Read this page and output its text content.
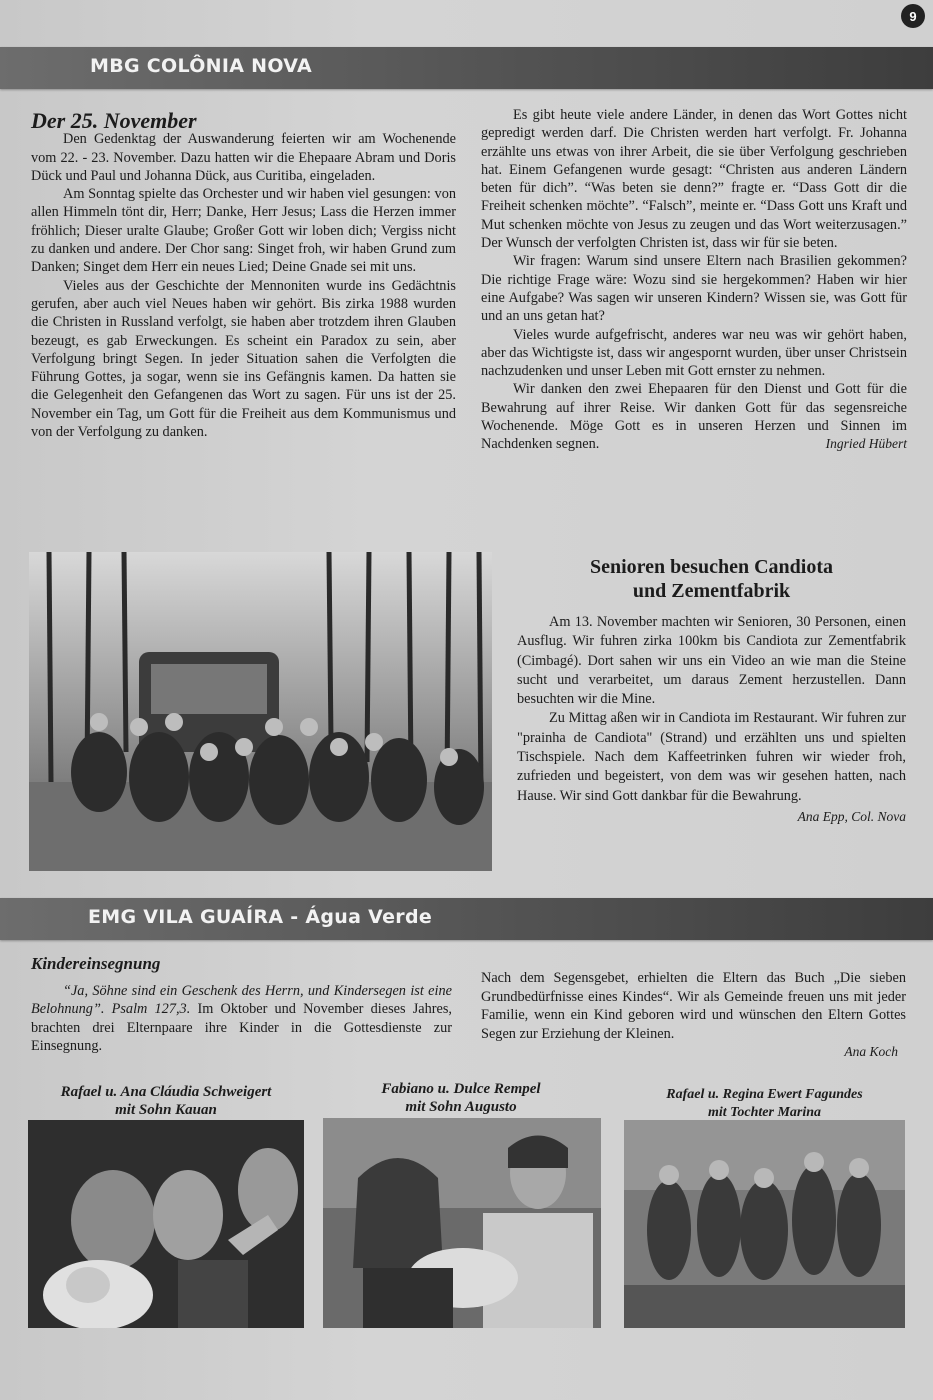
9
MBG COLÔNIA NOVA

Der 25. November

Den Gedenktag der Auswanderung feierten wir am Wochenende vom 22. - 23. November. Dazu hatten wir die Ehepaare Abram und Doris Dück und Paul und Johanna Dück, aus Curitiba, eingeladen.

Am Sonntag spielte das Orchester und wir haben viel gesungen: von allen Himmeln tönt dir, Herr; Danke, Herr Jesus; Lass die Herzen immer fröhlich; Dieser uralte Glaube; Großer Gott wir loben dich; Vergiss nicht zu danken und andere. Der Chor sang: Singet froh, wir haben Grund zum Danken; Singet dem Herr ein neues Lied; Deine Gnade sei mit uns.

Vieles aus der Geschichte der Mennoniten wurde ins Gedächtnis gerufen, aber auch viel Neues haben wir gehört. Bis zirka 1988 wurden die Christen in Russland verfolgt, sie haben aber trotzdem ihren Glauben bezeugt, es gab Erweckungen. Es scheint ein Paradox zu sein, aber Verfolgung bringt Segen. In jeder Situation sahen die Verfolgten die Führung Gottes, ja sogar, wenn sie ins Gefängnis kamen. Da hatten sie die Gelegenheit den Gefangenen das Wort zu sagen. Für uns ist der 25. November ein Tag, um Gott für die Freiheit aus dem Kommunismus und von der Verfolgung zu danken.

Es gibt heute viele andere Länder, in denen das Wort Gottes nicht gepredigt werden darf. Die Christen werden hart verfolgt. Fr. Johanna erzählte uns etwas von ihrer Arbeit, die sie über Verfolgung geschrieben hat. Einem Gefangenen wurde gesagt: “Christen aus anderen Ländern beten für dich”. “Was beten sie denn?” fragte er. “Dass Gott dir die Freiheit schenken möchte”. “Falsch”, meinte er. “Dass Gott uns Kraft und Mut schenken möchte von Jesus zu zeugen und das Wort weiterzusagen.” Der Wunsch der verfolgten Christen ist, dass wir für sie beten.

Wir fragen: Warum sind unsere Eltern nach Brasilien gekommen? Die richtige Frage wäre: Wozu sind sie hergekommen? Haben wir hier eine Aufgabe? Was sagen wir unseren Kindern? Wissen sie, was Gott für und an uns getan hat?

Vieles wurde aufgefrischt, anderes war neu was wir gehört haben, aber das Wichtigste ist, dass wir angespornt wurden, über unser Christsein nachzudenken und unser Leben mit Gott ernster zu nehmen.

Wir danken den zwei Ehepaaren für den Dienst und Gott für die Bewahrung auf ihrer Reise. Wir danken Gott für das segensreiche Wochenende. Möge Gott es in unseren Herzen und Sinnen im Nachdenken segnen.	Ingried Hübert

Senioren besuchen Candiota
und Zementfabrik

Am 13. November machten wir Senioren, 30 Personen, einen Ausflug. Wir fuhren zirka 100km bis Candiota zur Zementfabrik (Cimbagé). Dort sahen wir uns ein Video an wie man die Steine sucht und verarbeitet, um daraus Zement herzustellen. Dann besuchten wir die Mine.

Zu Mittag aßen wir in Candiota im Restaurant. Wir fuhren zur "prainha de Candiota" (Strand) und erzählten uns und spielten Tischspiele. Nach dem Kaffeetrinken fuhren wir wieder froh, zufrieden und begeistert, von dem was wir gesehen hatten, nach Hause. Wir sind Gott dankbar für die Bewahrung.

Ana Epp, Col. Nova
EMG VILA GUAÍRA - Água Verde
Kindereinsegnung

“Ja, Söhne sind ein Geschenk des Herrn, und Kindersegen ist eine Belohnung”. Psalm 127,3. Im Oktober und November dieses Jahres, brachten drei Elternpaare ihre Kinder in die Gottesdienste zur Einsegnung.

Nach dem Segensgebet, erhielten die Eltern das Buch „Die sieben Grundbedürfnisse eines Kindes“. Wir als Gemeinde freuen uns mit jeder Familie, wenn ein Kind geboren wird und wünschen den Eltern Gottes Segen zur Erziehung der Kleinen.

Ana Koch
Rafael u. Ana Cláudia Schweigert
mit Sohn Kauan
Fabiano u. Dulce Rempel
mit Sohn Augusto
Rafael u. Regina Ewert Fagundes
mit Tochter Marina
